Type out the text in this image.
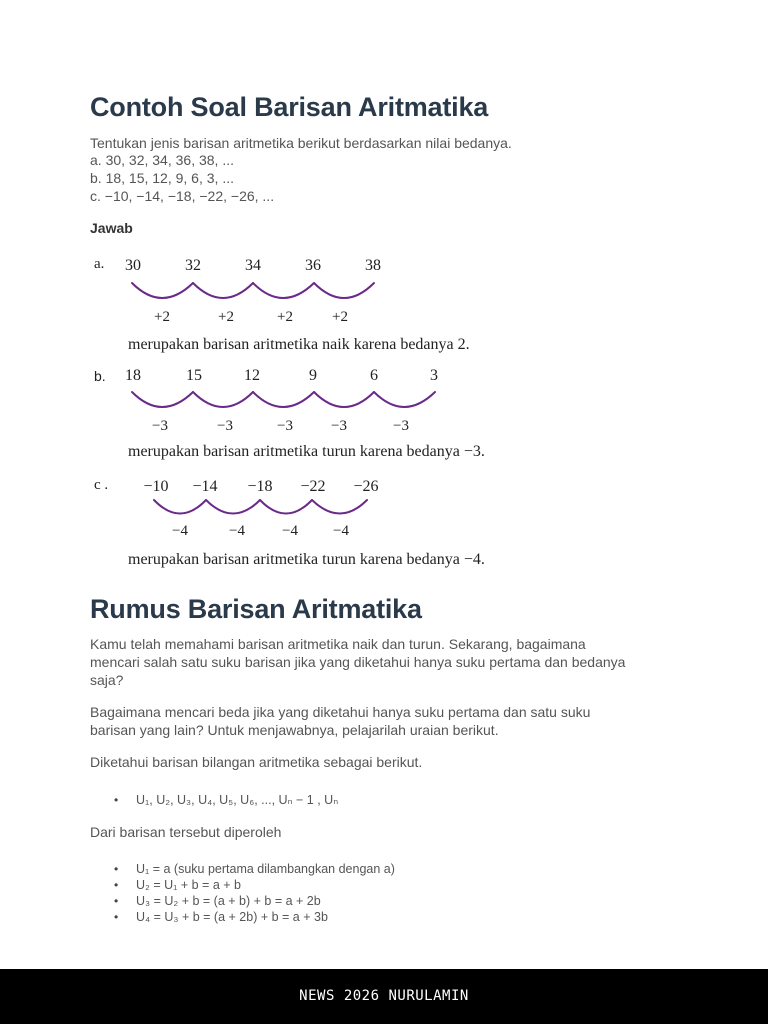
Contoh Soal Barisan Aritmatika
Tentukan jenis barisan aritmetika berikut berdasarkan nilai bedanya.
a. 30, 32, 34, 36, 38, ...
b. 18, 15, 12, 9, 6, 3, ...
c. −10, −14, −18, −22, −26, ...
Jawab
a.	30	32	34	36	38
+2	+2	+2	+2
merupakan barisan aritmetika naik karena bedanya 2.
b.	18	15	12	9	6	3
−3	−3	−3	−3	−3
merupakan barisan aritmetika turun karena bedanya −3.
c .	−10	−14	−18	−22	−26
−4	−4	−4	−4
merupakan barisan aritmetika turun karena bedanya −4.
Rumus Barisan Aritmatika
Kamu telah memahami barisan aritmetika naik dan turun. Sekarang, bagaimana
mencari salah satu suku barisan jika yang diketahui hanya suku pertama dan bedanya
saja?
Bagaimana mencari beda jika yang diketahui hanya suku pertama dan satu suku
barisan yang lain? Untuk menjawabnya, pelajarilah uraian berikut.
Diketahui barisan bilangan aritmetika sebagai berikut.
• U₁, U₂, U₃, U₄, U₅, U₆, ..., Uₙ − 1 , Uₙ
Dari barisan tersebut diperoleh
• U₁ = a (suku pertama dilambangkan dengan a)
• U₂ = U₁ + b = a + b
• U₃ = U₂ + b = (a + b) + b = a + 2b
• U₄ = U₃ + b = (a + 2b) + b = a + 3b
NEWS 2026 NURULAMIN
